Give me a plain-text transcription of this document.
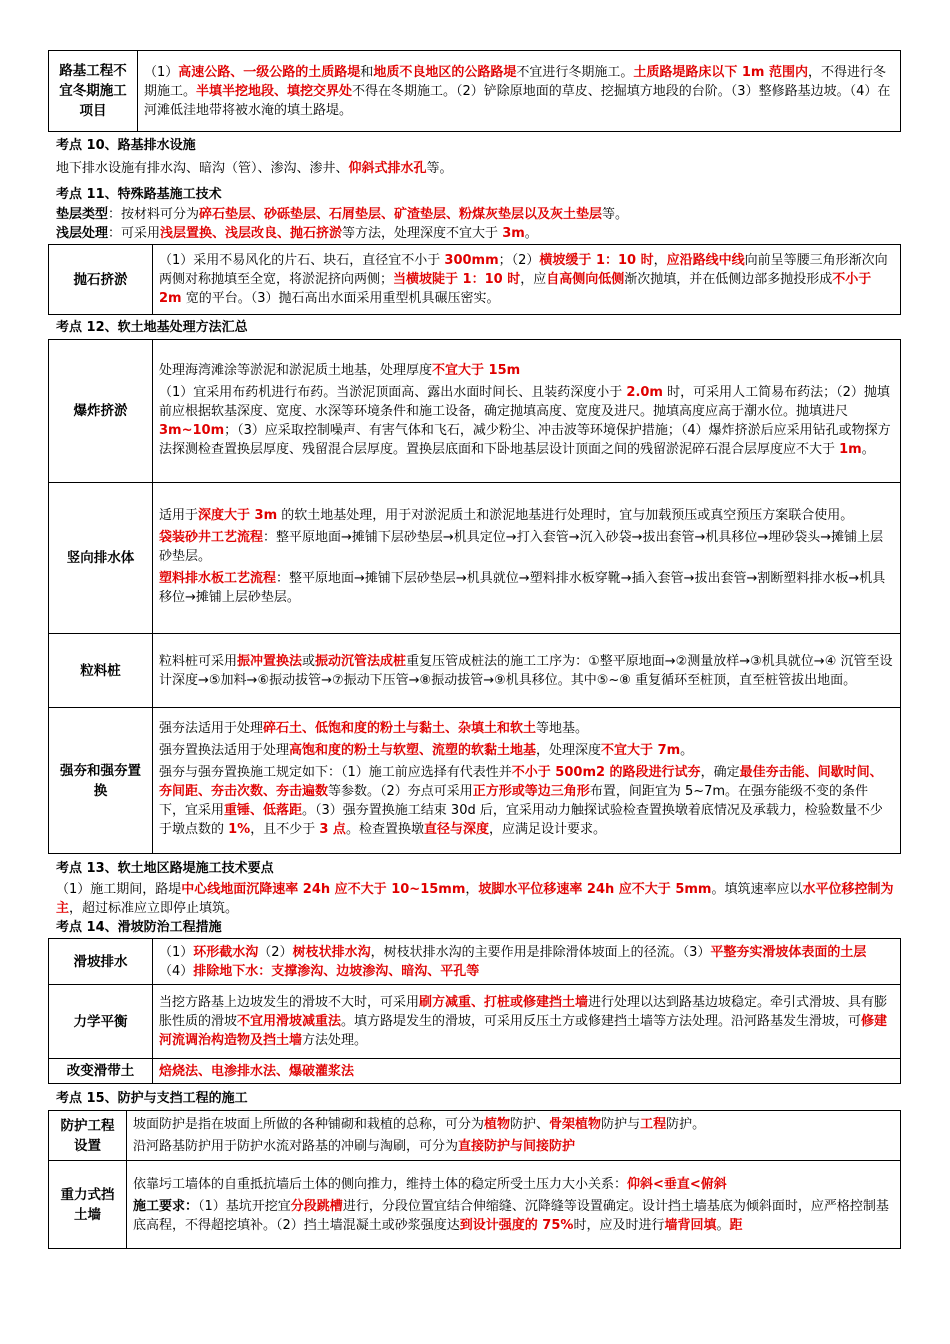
路基工程不宜冬期施工项目	（1）高速公路、一级公路的土质路堤和地质不良地区的公路路堤不宜进行冬期施工。土质路堤路床以下 1m 范围内，不得进行冬期施工。半填半挖地段、填挖交界处不得在冬期施工。（2）铲除原地面的草皮、挖掘填方地段的台阶。（3）整修路基边坡。（4）在河滩低洼地带将被水淹的填土路堤。
考点 10、路基排水设施
地下排水设施有排水沟、暗沟（管）、渗沟、渗井、仰斜式排水孔等。
考点 11、特殊路基施工技术
垫层类型：按材料可分为碎石垫层、砂砾垫层、石屑垫层、矿渣垫层、粉煤灰垫层以及灰土垫层等。
浅层处理：可采用浅层置换、浅层改良、抛石挤淤等方法，处理深度不宜大于 3m。
抛石挤淤	（1）采用不易风化的片石、块石，直径宜不小于 300mm；（2）横坡缓于 1：10 时，应沿路线中线向前呈等腰三角形渐次向两侧对称抛填至全宽，将淤泥挤向两侧；当横坡陡于 1：10 时，应自高侧向低侧渐次抛填，并在低侧边部多抛投形成不小于 2m 宽的平台。（3）抛石高出水面采用重型机具碾压密实。
考点 12、软土地基处理方法汇总
爆炸挤淤	处理海湾滩涂等淤泥和淤泥质土地基，处理厚度不宜大于 15m
（1）宜采用布药机进行布药。当淤泥顶面高、露出水面时间长、且装药深度小于 2.0m 时，可采用人工简易布药法；（2）抛填前应根据软基深度、宽度、水深等环境条件和施工设备，确定抛填高度、宽度及进尺。抛填高度应高于潮水位。抛填进尺 3m~10m；（3）应采取控制噪声、有害气体和飞石，减少粉尘、冲击波等环境保护措施；（4）爆炸挤淤后应采用钻孔或物探方法探测检查置换层厚度、残留混合层厚度。置换层底面和下卧地基层设计顶面之间的残留淤泥碎石混合层厚度应不大于 1m。

竖向排水体	适用于深度大于 3m 的软土地基处理，用于对淤泥质土和淤泥地基进行处理时，宜与加载预压或真空预压方案联合使用。
袋装砂井工艺流程：整平原地面→摊铺下层砂垫层→机具定位→打入套管→沉入砂袋→拔出套管→机具移位→埋砂袋头→摊铺上层砂垫层。
塑料排水板工艺流程：整平原地面→摊铺下层砂垫层→机具就位→塑料排水板穿靴→插入套管→拔出套管→割断塑料排水板→机具移位→摊铺上层砂垫层。

粒料桩	粒料桩可采用振冲置换法或振动沉管法成桩重复压管成桩法的施工工序为：①整平原地面→②测量放样→③机具就位→④ 沉管至设计深度→⑤加料→⑥振动拔管→⑦振动下压管→⑧振动拔管→⑨机具移位。其中⑤~⑧ 重复循环至桩顶，直至桩管拔出地面。
强夯和强夯置换	强夯法适用于处理碎石土、低饱和度的粉土与黏土、杂填土和软土等地基。
强夯置换法适用于处理高饱和度的粉土与软塑、流塑的软黏土地基，处理深度不宜大于 7m。
强夯与强夯置换施工规定如下：（1）施工前应选择有代表性并不小于 500m2 的路段进行试夯，确定最佳夯击能、间歇时间、夯间距、夯击次数、夯击遍数等参数。（2）夯点可采用正方形或等边三角形布置，间距宜为 5~7m。在强夯能级不变的条件下，宜采用重锤、低落距。（3）强夯置换施工结束 30d 后，宜采用动力触探试验检查置换墩着底情况及承载力，检验数量不少于墩点数的 1%，且不少于 3 点。检查置换墩直径与深度，应满足设计要求。
考点 13、软土地区路堤施工技术要点
（1）施工期间，路堤中心线地面沉降速率 24h 应不大于 10~15mm，坡脚水平位移速率 24h 应不大于 5mm。填筑速率应以水平位移控制为主，超过标准应立即停止填筑。
考点 14、滑坡防治工程措施
滑坡排水	（1）环形截水沟（2）树枝状排水沟，树枝状排水沟的主要作用是排除滑体坡面上的径流。（3）平整夯实滑坡体表面的土层（4）排除地下水：支撑渗沟、边坡渗沟、暗沟、平孔等
力学平衡	当挖方路基上边坡发生的滑坡不大时，可采用刷方减重、打桩或修建挡土墙进行处理以达到路基边坡稳定。牵引式滑坡、具有膨胀性质的滑坡不宜用滑坡减重法。填方路堤发生的滑坡，可采用反压土方或修建挡土墙等方法处理。沿河路基发生滑坡，可修建河流调治构造物及挡土墙方法处理。
改变滑带土	焙烧法、电渗排水法、爆破灌浆法
考点 15、防护与支挡工程的施工
防护工程设置	坡面防护是指在坡面上所做的各种铺砌和栽植的总称，可分为植物防护、骨架植物防护与工程防护。
沿河路基防护用于防护水流对路基的冲刷与淘刷，可分为直接防护与间接防护

重力式挡土墙	依靠圬工墙体的自重抵抗墙后土体的侧向推力，维持土体的稳定所受土压力大小关系：仰斜<垂直<俯斜
施工要求：（1）基坑开挖宜分段跳槽进行，分段位置宜结合伸缩缝、沉降缝等设置确定。设计挡土墙基底为倾斜面时，应严格控制基底高程，不得超挖填补。（2）挡土墙混凝土或砂浆强度达到设计强度的 75%时，应及时进行墙背回填。距
